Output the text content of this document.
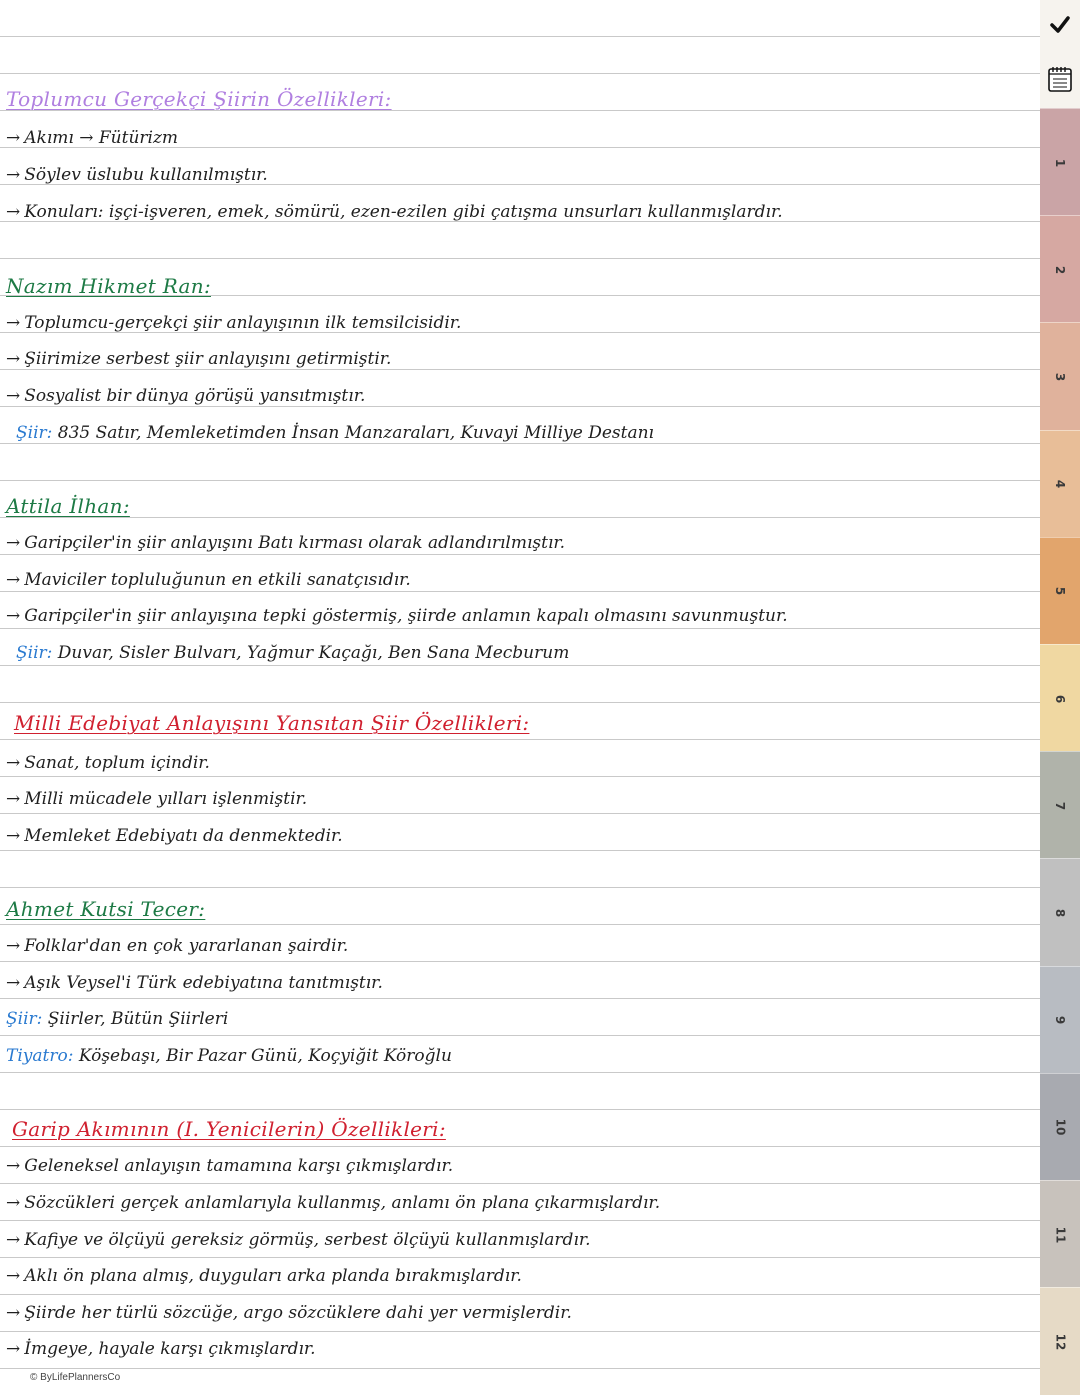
Toplumcu Gerçekçi Şiirin Özellikleri:
→ Akımı → Fütürizm
→ Söylev üslubu kullanılmıştır.
→ Konuları: işçi-işveren, emek, sömürü, ezen-ezilen gibi çatışma unsurları kullanmışlardır.
Nazım Hikmet Ran:
→ Toplumcu-gerçekçi şiir anlayışının ilk temsilcisidir.
→ Şiirimize serbest şiir anlayışını getirmiştir.
→ Sosyalist bir dünya görüşü yansıtmıştır.
Şiir: 835 Satır, Memleketimden İnsan Manzaraları, Kuvayi Milliye Destanı
Attila İlhan:
→ Garipçiler'in şiir anlayışını Batı kırması olarak adlandırılmıştır.
→ Maviciler topluluğunun en etkili sanatçısıdır.
→ Garipçiler'in şiir anlayışına tepki göstermiş, şiirde anlamın kapalı olmasını savunmuştur.
Şiir: Duvar, Sisler Bulvarı, Yağmur Kaçağı, Ben Sana Mecburum
Milli Edebiyat Anlayışını Yansıtan Şiir Özellikleri:
→ Sanat, toplum içindir.
→ Milli mücadele yılları işlenmiştir.
→ Memleket Edebiyatı da denmektedir.
Ahmet Kutsi Tecer:
→ Folklar'dan en çok yararlanan şairdir.
→ Aşık Veysel'i Türk edebiyatına tanıtmıştır.
Şiir: Şiirler, Bütün Şiirleri
Tiyatro: Köşebaşı, Bir Pazar Günü, Koçyiğit Köroğlu
Garip Akımının (I. Yenicilerin) Özellikleri:
→ Geleneksel anlayışın tamamına karşı çıkmışlardır.
→ Sözcükleri gerçek anlamlarıyla kullanmış, anlamı ön plana çıkarmışlardır.
→ Kafiye ve ölçüyü gereksiz görmüş, serbest ölçüyü kullanmışlardır.
→ Aklı ön plana almış, duyguları arka planda bırakmışlardır.
→ Şiirde her türlü sözcüğe, argo sözcüklere dahi yer vermişlerdir.
→ İmgeye, hayale karşı çıkmışlardır.
© ByLifePlannersCo
1
2
3
4
5
6
7
8
9
10
11
12
